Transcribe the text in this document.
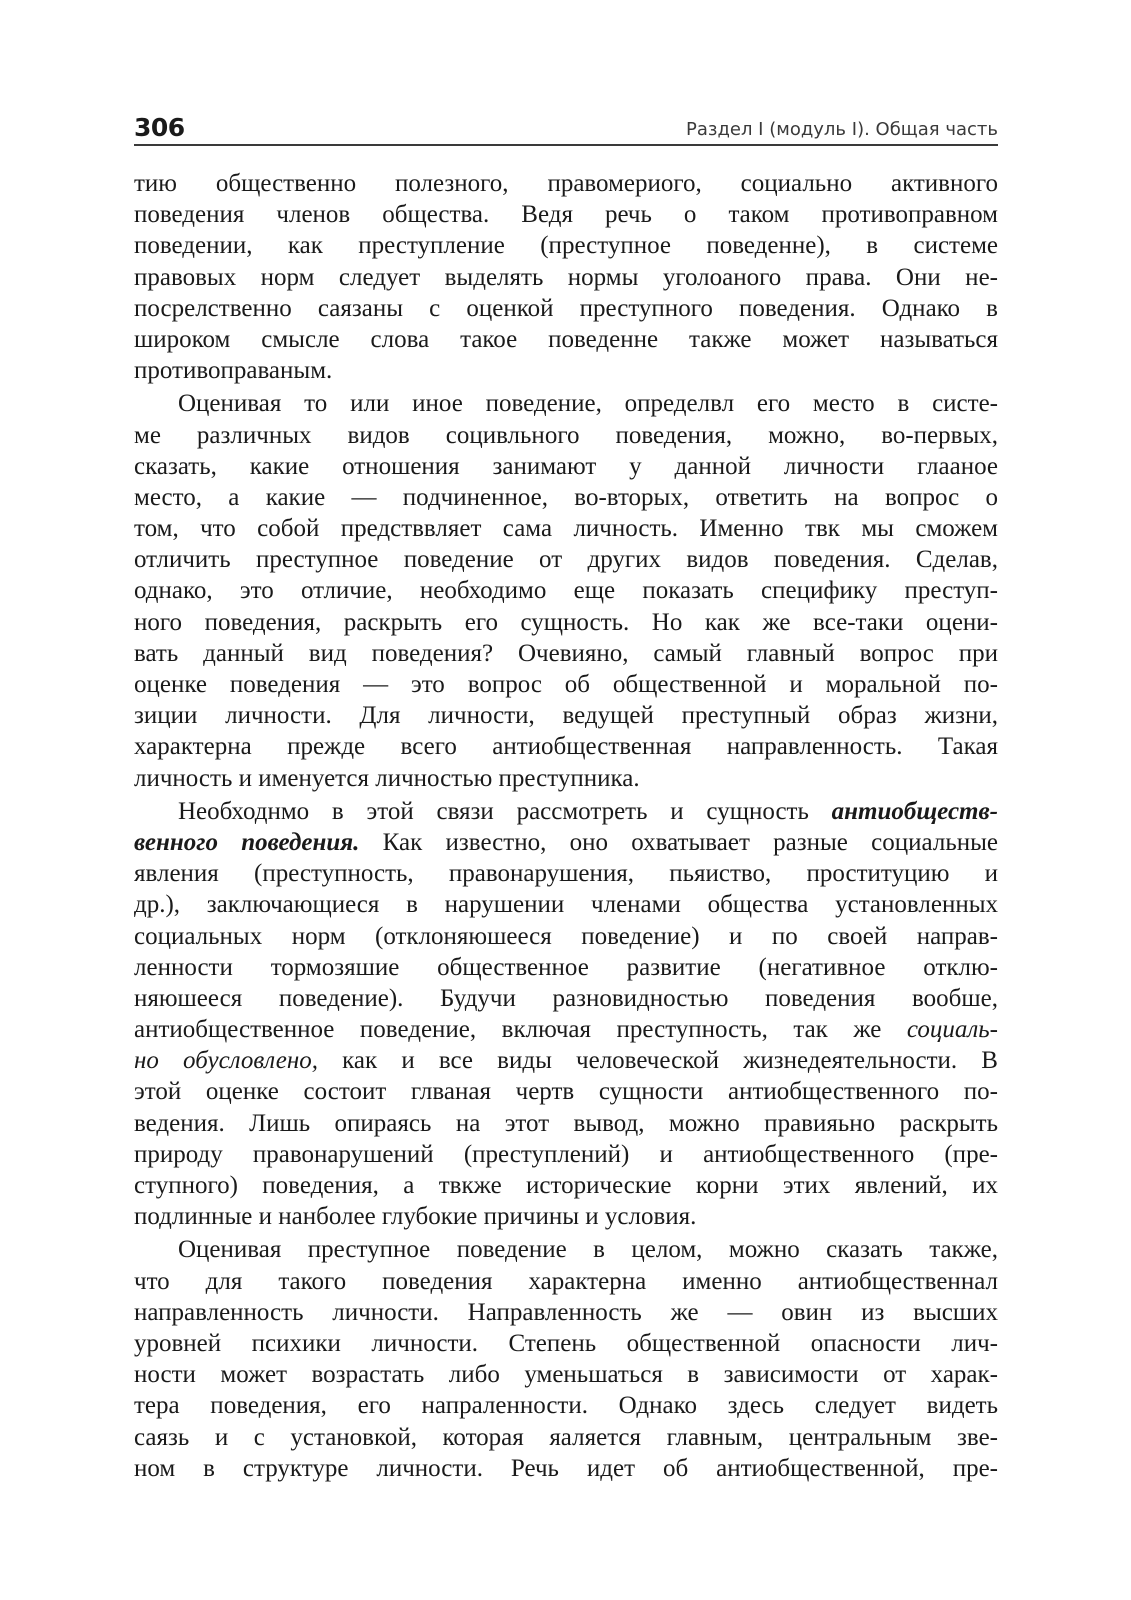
306	Раздел I (модуль I). Общая часть
тию общественно полезного, правомериого, социально активного
поведения членов общества. Ведя речь о таком противоправном
поведении, как преступление (преступное поведенне), в системе
правовых норм следует выделять нормы уголоаного права. Они не-
посрелственно саязаны с оценкой преступного поведения. Однако в
широком смысле слова такое поведенне также может называться
противоправаным.
Оценивая то или иное поведение, определвл его место в систе-
ме различных видов социвльного поведения, можно, во-первых,
сказать, какие отношения занимают у данной личности глааное
место, а какие — подчиненное, во-вторых, ответить на вопрос о
том, что собой предстввляет сама личность. Именно твк мы сможем
отличить преступное поведение от других видов поведения. Сделав,
однако, это отличие, необходимо еще показать специфику преступ-
ного поведения, раскрыть его сущность. Но как же все-таки оцени-
вать данный вид поведения? Очевияно, самый главный вопрос при
оценке поведения — это вопрос об общественной и моральной по-
зиции личности. Для личности, ведущей преступный образ жизни,
характерна прежде всего антиобщественная направленность. Такая
личность и именуется личностью преступника.
Необходнмо в этой связи рассмотреть и сущность антиобществ-
венного поведения. Как известно, оно охватывает разные социальные
явления (преступность, правонарушения, пьяиство, проституцию и
др.), заключающиеся в нарушении членами общества установленных
социальных норм (отклоняюшееся поведение) и по своей направ-
ленности тормозяшие общественное развитие (негативное отклю-
няюшееся поведение). Будучи разновидностью поведения вообше,
антиобщественное поведение, включая преступность, так же социаль-
но обусловлено, как и все виды человеческой жизнедеятельности. В
этой оценке состоит глваная чертв сущности антиобщественного по-
ведения. Лишь опираясь на этот вывод, можно правияьно раскрыть
природу правонарушений (преступлений) и антиобщественного (пре-
ступного) поведения, а твкже исторические корни этих явлений, их
подлинные и нанболее глубокие причины и условия.
Оценивая преступное поведение в целом, можно сказать также,
что для такого поведения характерна именно антиобщественнал
направленность личности. Направленность же — овин из высших
уровней психики личности. Степень общественной опасности лич-
ности может возрастать либо уменьшаться в зависимости от харак-
тера поведения, его напраленности. Однако здесь следует видеть
саязь и с установкой, которая яаляется главным, центральным зве-
ном в структуре личности. Речь идет об антиобщественной, пре-
